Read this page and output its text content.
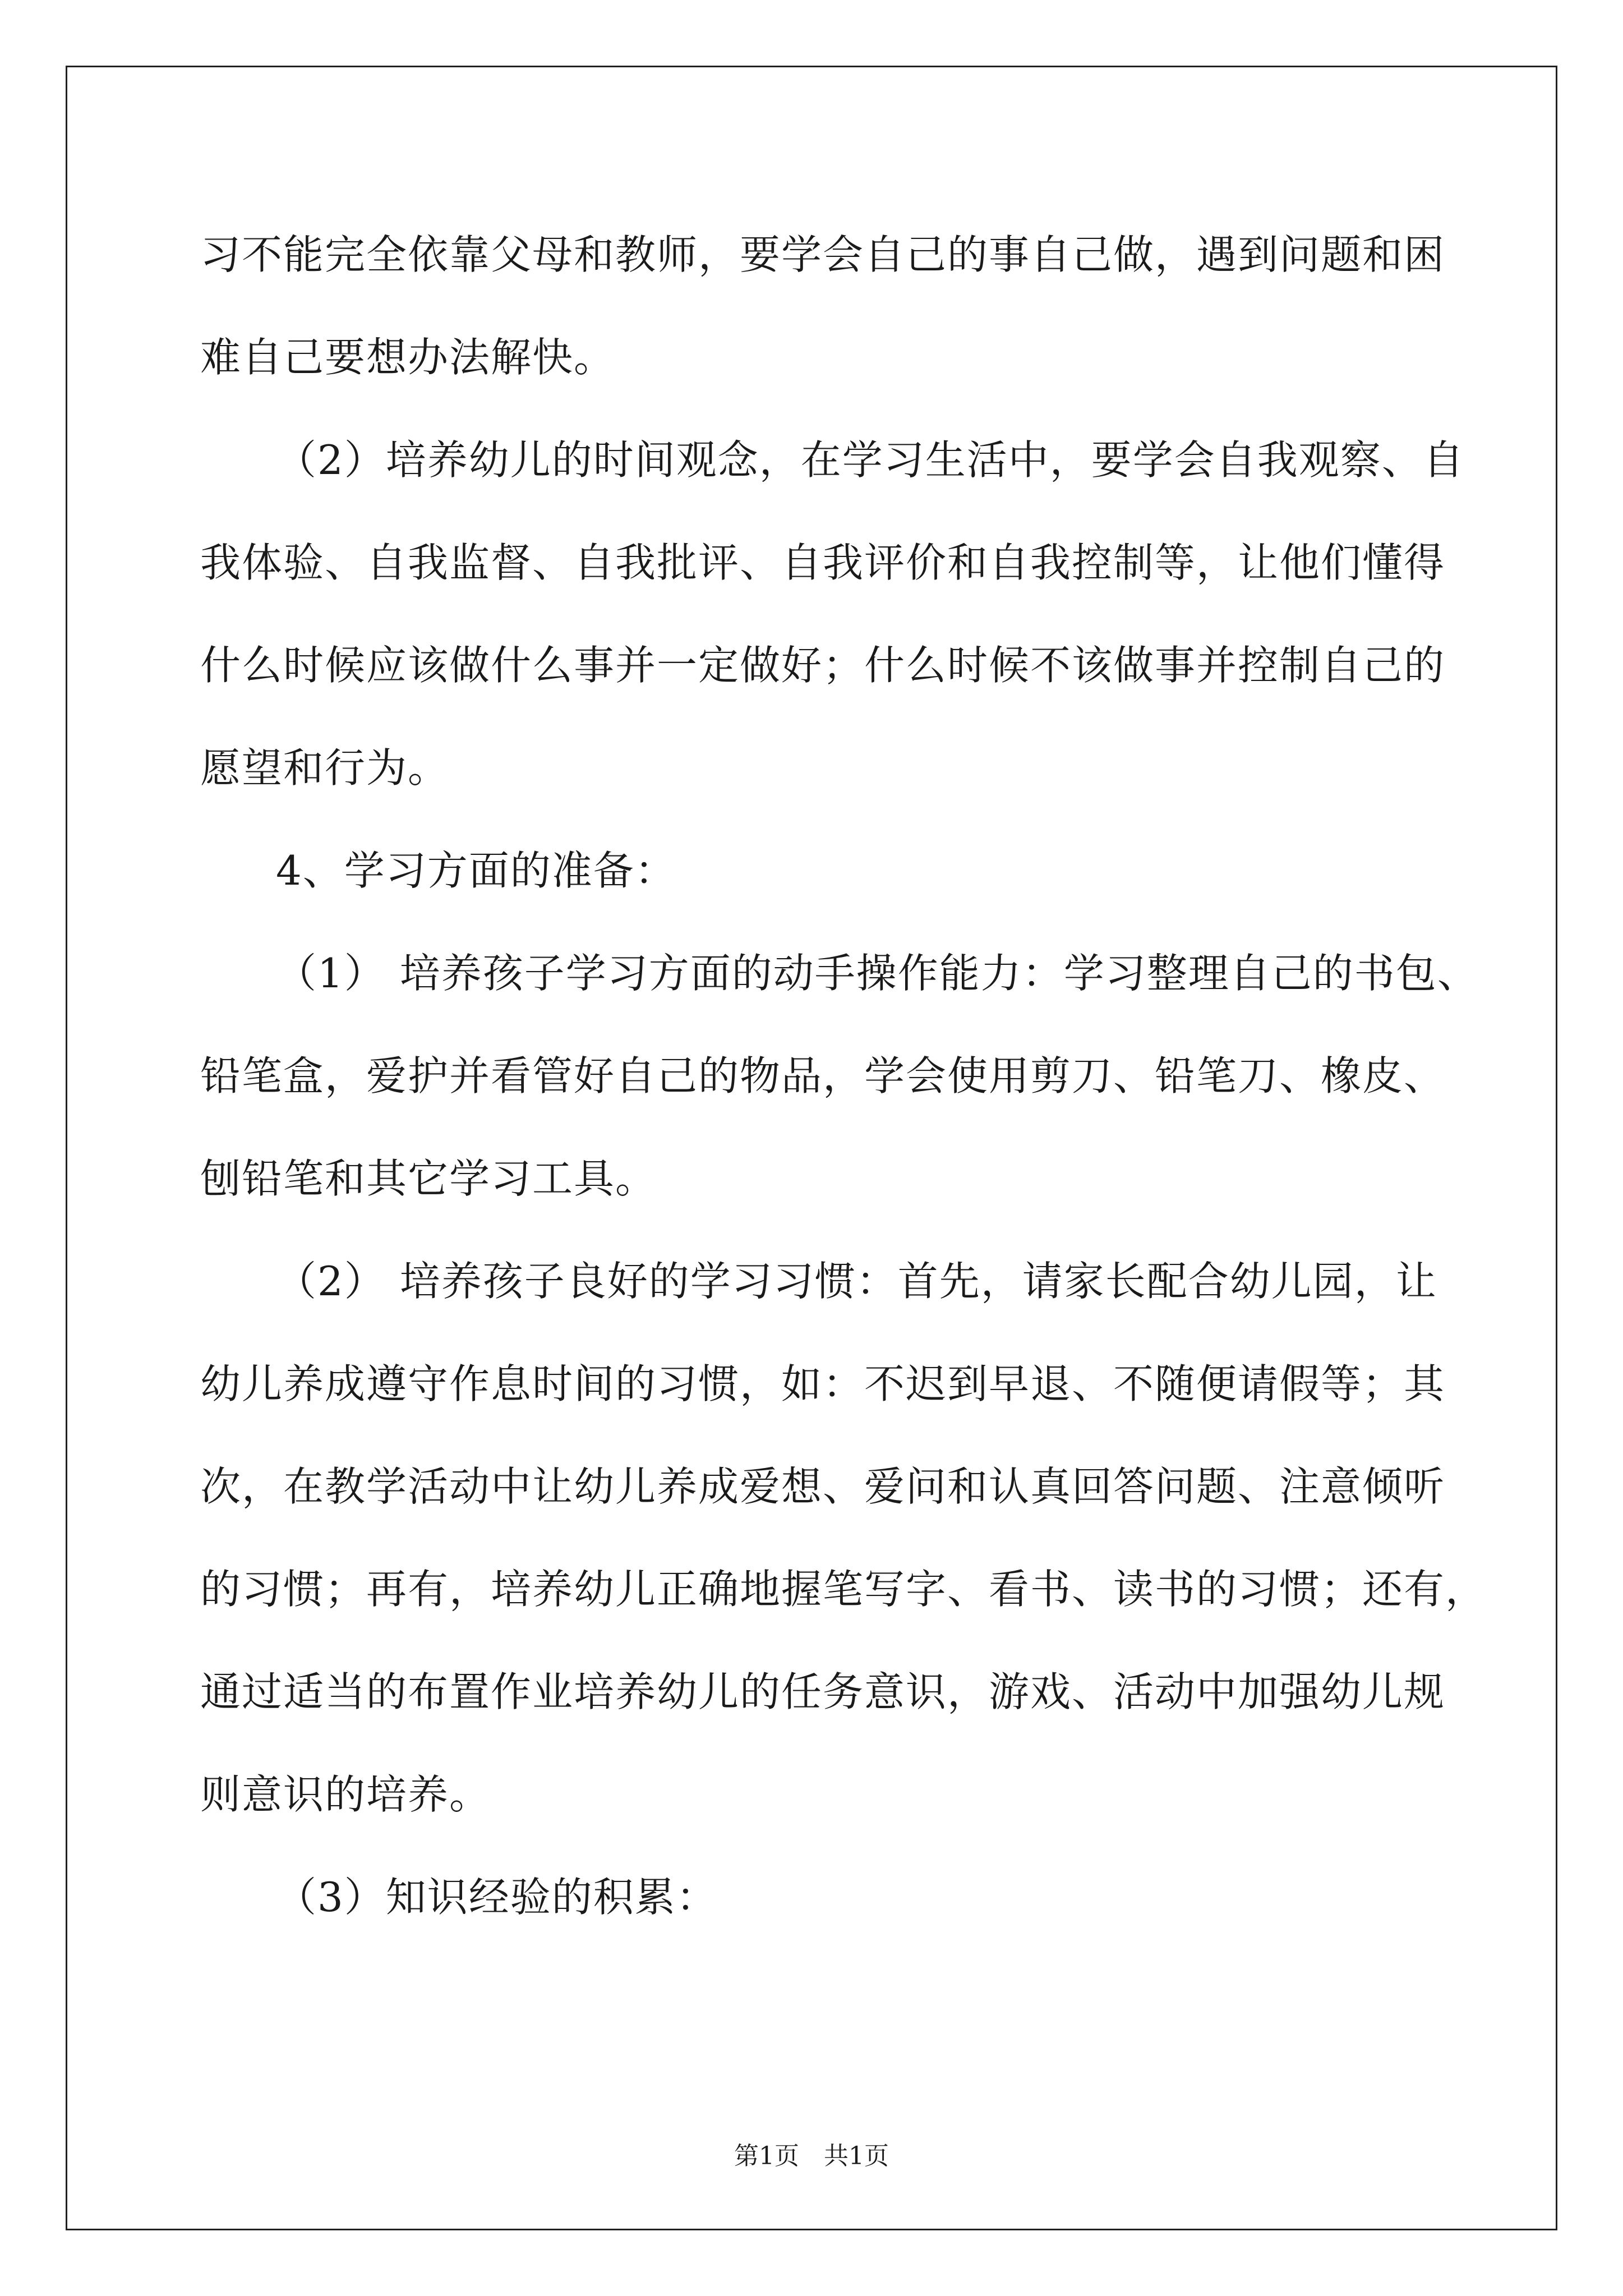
习不能完全依靠父母和教师，要学会自己的事自己做，遇到问题和困
难自己要想办法解快。
（2）培养幼儿的时间观念，在学习生活中，要学会自我观察、自
我体验、自我监督、自我批评、自我评价和自我控制等，让他们懂得
什么时候应该做什么事并一定做好；什么时候不该做事并控制自己的
愿望和行为。
4、学习方面的准备：
（1） 培养孩子学习方面的动手操作能力：学习整理自己的书包、
铅笔盒，爱护并看管好自己的物品，学会使用剪刀、铅笔刀、橡皮、
刨铅笔和其它学习工具。
（2） 培养孩子良好的学习习惯：首先，请家长配合幼儿园，让
幼儿养成遵守作息时间的习惯，如：不迟到早退、不随便请假等；其
次，在教学活动中让幼儿养成爱想、爱问和认真回答问题、注意倾听
的习惯；再有，培养幼儿正确地握笔写字、看书、读书的习惯；还有，
通过适当的布置作业培养幼儿的任务意识，游戏、活动中加强幼儿规
则意识的培养。
（3）知识经验的积累：
第1页　共1页
